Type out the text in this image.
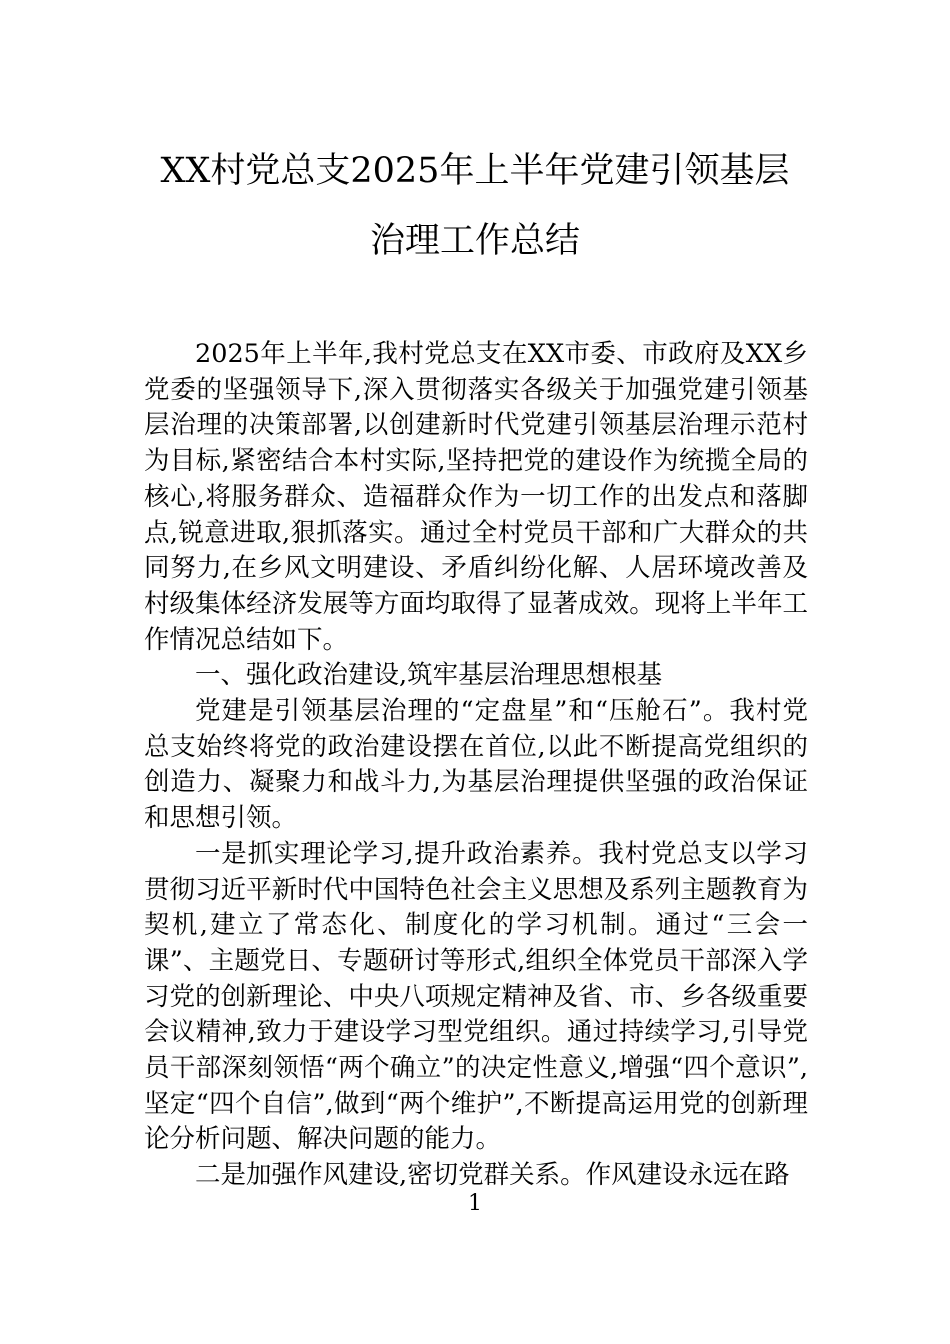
XX村党总支2025年上半年党建引领基层
治理工作总结

2025年上半年,我村党总支在XX市委、市政府及XX乡党委的坚强领导下,深入贯彻落实各级关于加强党建引领基层治理的决策部署,以创建新时代党建引领基层治理示范村为目标,紧密结合本村实际,坚持把党的建设作为统揽全局的核心,将服务群众、造福群众作为一切工作的出发点和落脚点,锐意进取,狠抓落实。通过全村党员干部和广大群众的共同努力,在乡风文明建设、矛盾纠纷化解、人居环境改善及村级集体经济发展等方面均取得了显著成效。现将上半年工作情况总结如下。

一、强化政治建设,筑牢基层治理思想根基

党建是引领基层治理的“定盘星”和“压舱石”。我村党总支始终将党的政治建设摆在首位,以此不断提高党组织的创造力、凝聚力和战斗力,为基层治理提供坚强的政治保证和思想引领。

一是抓实理论学习,提升政治素养。我村党总支以学习贯彻习近平新时代中国特色社会主义思想及系列主题教育为契机,建立了常态化、制度化的学习机制。通过“三会一课”、主题党日、专题研讨等形式,组织全体党员干部深入学习党的创新理论、中央八项规定精神及省、市、乡各级重要会议精神,致力于建设学习型党组织。通过持续学习,引导党员干部深刻领悟“两个确立”的决定性意义,增强“四个意识”,坚定“四个自信”,做到“两个维护”,不断提高运用党的创新理论分析问题、解决问题的能力。

二是加强作风建设,密切党群关系。作风建设永远在路

1
